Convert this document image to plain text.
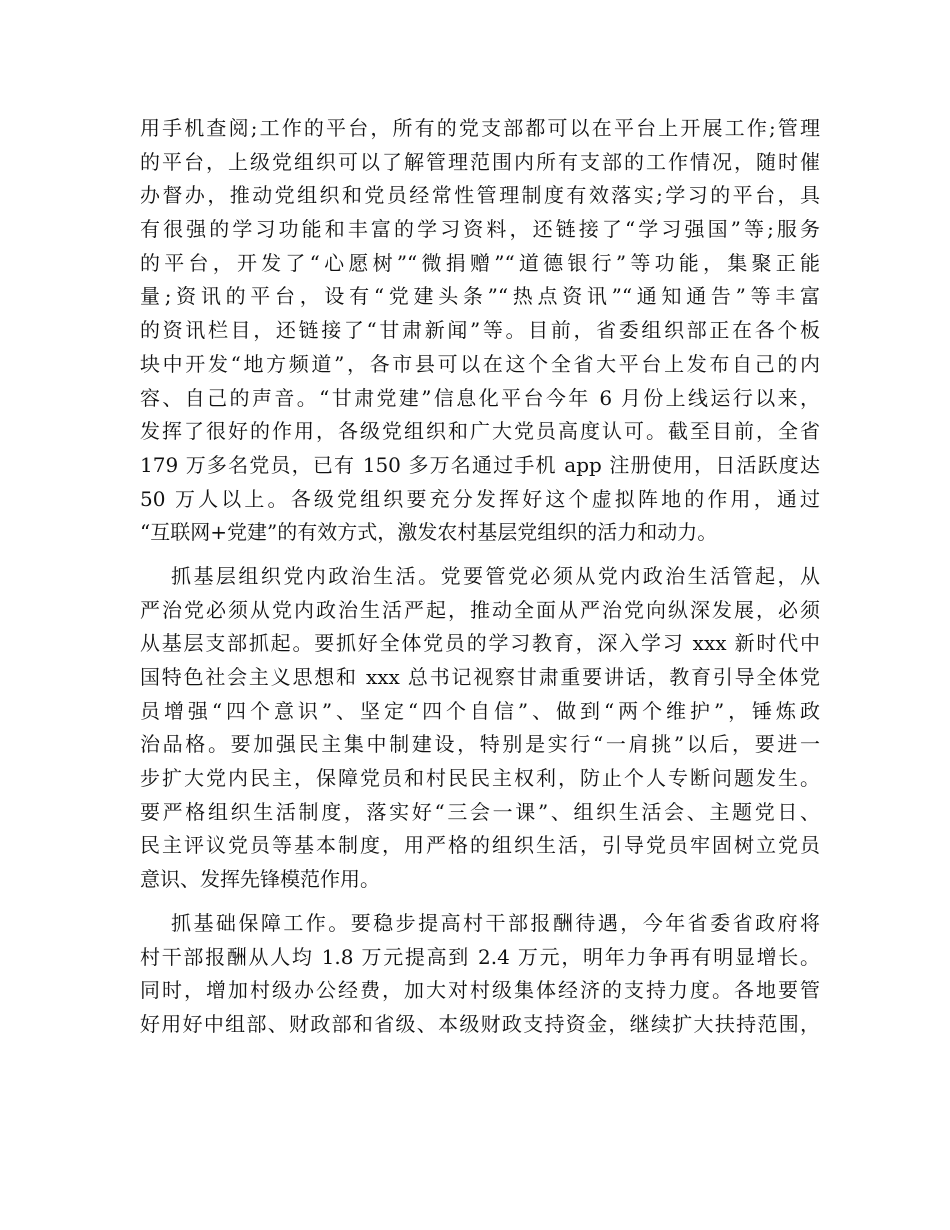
用手机查阅;工作的平台，所有的党支部都可以在平台上开展工作;管理
的平台，上级党组织可以了解管理范围内所有支部的工作情况，随时催
办督办，推动党组织和党员经常性管理制度有效落实;学习的平台，具
有很强的学习功能和丰富的学习资料，还链接了“学习强国”等;服务
的平台，开发了“心愿树”“微捐赠”“道德银行”等功能，集聚正能
量;资讯的平台，设有“党建头条”“热点资讯”“通知通告”等丰富
的资讯栏目，还链接了“甘肃新闻”等。目前，省委组织部正在各个板
块中开发“地方频道”，各市县可以在这个全省大平台上发布自己的内
容、自己的声音。“甘肃党建”信息化平台今年 6 月份上线运行以来，
发挥了很好的作用，各级党组织和广大党员高度认可。截至目前，全省
179 万多名党员，已有 150 多万名通过手机 app 注册使用，日活跃度达
50 万人以上。各级党组织要充分发挥好这个虚拟阵地的作用，通过
“互联网+党建”的有效方式，激发农村基层党组织的活力和动力。
抓基层组织党内政治生活。党要管党必须从党内政治生活管起，从
严治党必须从党内政治生活严起，推动全面从严治党向纵深发展，必须
从基层支部抓起。要抓好全体党员的学习教育，深入学习 xxx 新时代中
国特色社会主义思想和 xxx 总书记视察甘肃重要讲话，教育引导全体党
员增强“四个意识”、坚定“四个自信”、做到“两个维护”，锤炼政
治品格。要加强民主集中制建设，特别是实行“一肩挑”以后，要进一
步扩大党内民主，保障党员和村民民主权利，防止个人专断问题发生。
要严格组织生活制度，落实好“三会一课”、组织生活会、主题党日、
民主评议党员等基本制度，用严格的组织生活，引导党员牢固树立党员
意识、发挥先锋模范作用。
抓基础保障工作。要稳步提高村干部报酬待遇，今年省委省政府将
村干部报酬从人均 1.8 万元提高到 2.4 万元，明年力争再有明显增长。
同时，增加村级办公经费，加大对村级集体经济的支持力度。各地要管
好用好中组部、财政部和省级、本级财政支持资金，继续扩大扶持范围，
